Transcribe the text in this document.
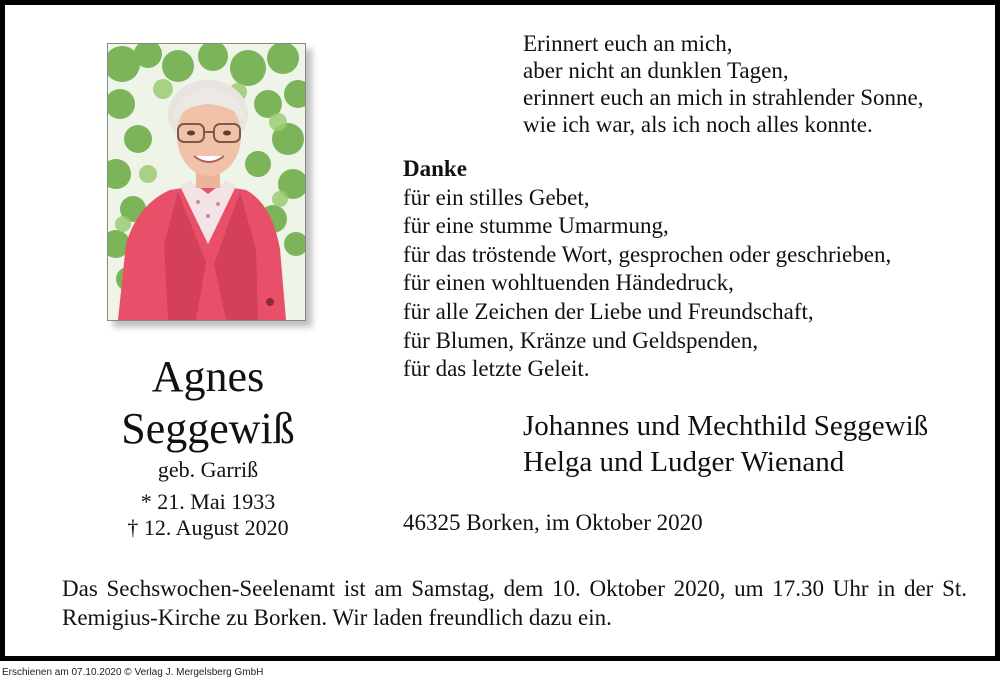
Agnes
Seggewiß
geb. Garriß
* 21. Mai 1933
† 12. August 2020
Erinnert euch an mich,
aber nicht an dunklen Tagen,
erinnert euch an mich in strahlender Sonne,
wie ich war, als ich noch alles konnte.
Danke
für ein stilles Gebet,
für eine stumme Umarmung,
für das tröstende Wort, gesprochen oder geschrieben,
für einen wohltuenden Händedruck,
für alle Zeichen der Liebe und Freundschaft,
für Blumen, Kränze und Geldspenden,
für das letzte Geleit.
Johannes und Mechthild Seggewiß
Helga und Ludger Wienand
46325 Borken, im Oktober 2020
Das Sechswochen-Seelenamt ist am Samstag, dem 10. Oktober 2020, um 17.30 Uhr in der St. Remigius-Kirche zu Borken. Wir laden freundlich dazu ein.
Erschienen am 07.10.2020 © Verlag J. Mergelsberg GmbH
